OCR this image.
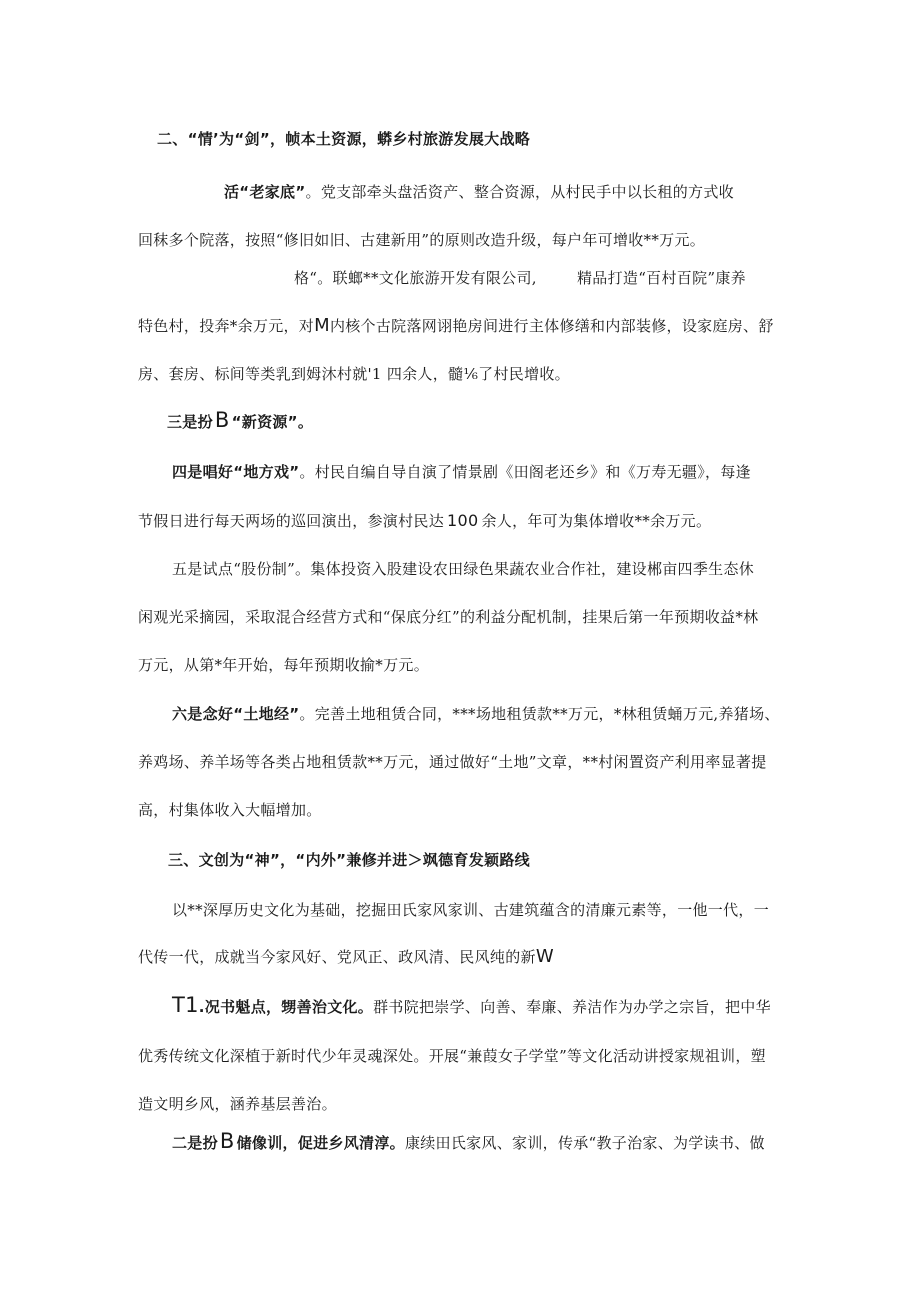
二、“情’为“剑”，帧本土资源，蟒乡村旅游发展大战略
活“老家底”。党支部牵头盘活资产、整合资源，从村民手中以长租的方式收
回秣多个院落，按照“修旧如旧、古建新用”的原则改造升级，每户年可增收**万元。
格“。联螂**文化旅游开发有限公司,	精品打造“百村百院”康养
特色村，投奔*余万元，对M内核个古院落网诩艳房间进行主体修缮和内部装修，设家庭房、舒
房、套房、标间等类乳到姆沐村就'1 四余人，髓⅙了村民增收。
三是扮B “新资源”。
四是唱好“地方戏”。村民自编自导自演了情景剧《田阁老还乡》和《万寿无疆》，每逢
节假日进行每天两场的巡回演出，参演村民达 100 余人，年可为集体增收**余万元。
五是试点“股份制”。集体投资入股建设农田绿色果蔬农业合作社，建设郴亩四季生态休
闲观光采摘园，采取混合经营方式和“保底分红”的利益分配机制，挂果后第一年预期收益*林
万元，从第*年开始，每年预期收揄*万元。
六是念好“土地经”。完善土地租赁合同，***场地租赁款**万元，*林租赁蛹万元,养猪场、
养鸡场、养羊场等各类占地租赁款**万元，通过做好“土地”文章，**村闲置资产利用率显著提
高，村集体收入大幅增加。
三、文创为“神”，“内外”兼修并进＞飒德育发颖路线
以**深厚历史文化为基础，挖掘田氏家风家训、古建筑蕴含的清廉元素等，一他一代，一
代传一代，成就当今家风好、党风正、政风清、民风纯的新W
T1.况书魁点，甥善治文化。群书院把崇学、向善、奉廉、养洁作为办学之宗旨，把中华
优秀传统文化深植于新时代少年灵魂深处。开展“兼葭女子学堂”等文化活动讲授家规祖训，塑
造文明乡风，涵养基层善治。
二是扮B 储像训，促进乡风清淳。康续田氏家风、家训，传承“教子治家、为学读书、做
